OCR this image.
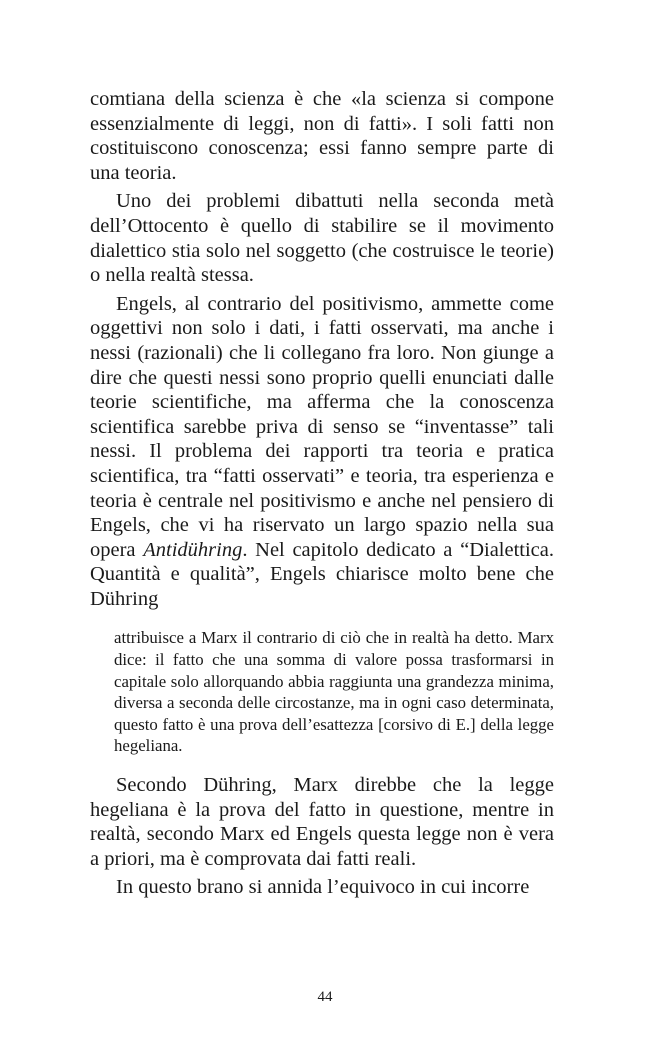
comtiana della scienza è che «la scienza si compone essenzialmente di leggi, non di fatti». I soli fatti non costituiscono conoscenza; essi fanno sempre parte di una teoria.

Uno dei problemi dibattuti nella seconda metà dell’Ottocento è quello di stabilire se il movimento dialettico stia solo nel soggetto (che costruisce le teorie) o nella realtà stessa.

Engels, al contrario del positivismo, ammette come oggettivi non solo i dati, i fatti osservati, ma anche i nessi (razionali) che li collegano fra loro. Non giunge a dire che questi nessi sono proprio quelli enunciati dalle teorie scientifiche, ma afferma che la conoscenza scientifica sarebbe priva di senso se “inventasse” tali nessi. Il problema dei rapporti tra teoria e pratica scientifica, tra “fatti osservati” e teoria, tra esperienza e teoria è centrale nel positivismo e anche nel pensiero di Engels, che vi ha riservato un largo spazio nella sua opera Antidühring. Nel capitolo dedicato a “Dialettica. Quantità e qualità”, Engels chiarisce molto bene che Dühring

attribuisce a Marx il contrario di ciò che in realtà ha detto. Marx dice: il fatto che una somma di valore possa trasformarsi in capitale solo allorquando abbia raggiunta una grandezza minima, diversa a seconda delle circostanze, ma in ogni caso determinata, questo fatto è una prova dell’esattezza [corsivo di E.] della legge hegeliana.

Secondo Dühring, Marx direbbe che la legge hegeliana è la prova del fatto in questione, mentre in realtà, secondo Marx ed Engels questa legge non è vera a priori, ma è comprovata dai fatti reali.

In questo brano si annida l’equivoco in cui incorre

44
